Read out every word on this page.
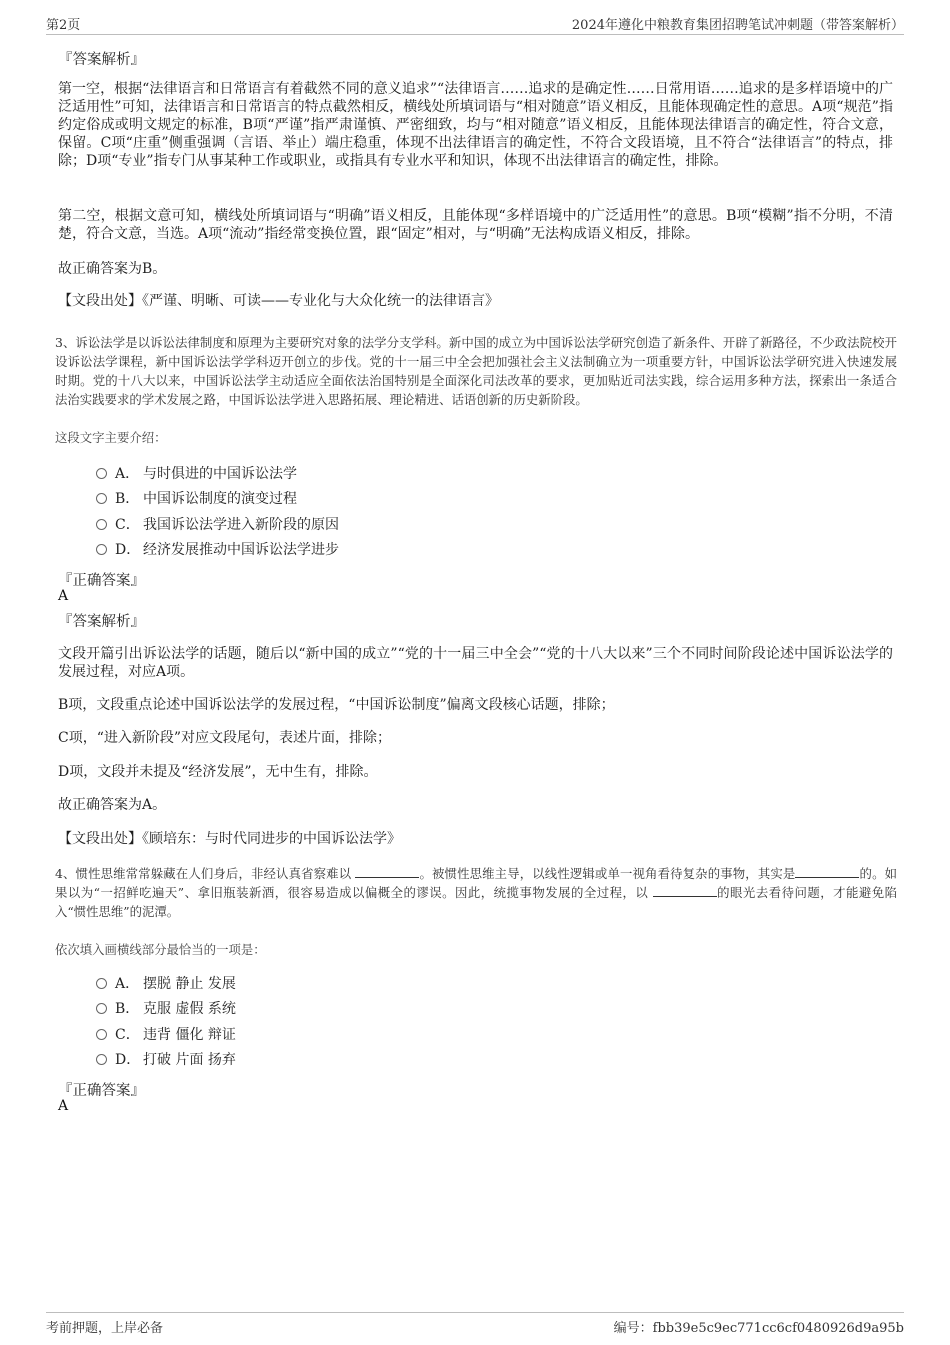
第2页	2024年遵化中粮教育集团招聘笔试冲刺题（带答案解析）
『答案解析』
第一空，根据“法律语言和日常语言有着截然不同的意义追求”“法律语言……追求的是确定性……日常用语……追求的是多样语境中的广泛适用性”可知，法律语言和日常语言的特点截然相反，横线处所填词语与“相对随意”语义相反，且能体现确定性的意思。A项“规范”指约定俗成或明文规定的标准，B项“严谨”指严肃谨慎、严密细致，均与“相对随意”语义相反，且能体现法律语言的确定性，符合文意，保留。C项“庄重”侧重强调（言语、举止）端庄稳重，体现不出法律语言的确定性，不符合文段语境，且不符合“法律语言”的特点，排除；D项“专业”指专门从事某种工作或职业，或指具有专业水平和知识，体现不出法律语言的确定性，排除。
第二空，根据文意可知，横线处所填词语与“明确”语义相反，且能体现“多样语境中的广泛适用性”的意思。B项“模糊”指不分明，不清楚，符合文意，当选。A项“流动”指经常变换位置，跟“固定”相对，与“明确”无法构成语义相反，排除。
故正确答案为B。
【文段出处】《严谨、明晰、可读——专业化与大众化统一的法律语言》
3、诉讼法学是以诉讼法律制度和原理为主要研究对象的法学分支学科。新中国的成立为中国诉讼法学研究创造了新条件、开辟了新路径，不少政法院校开设诉讼法学课程，新中国诉讼法学学科迈开创立的步伐。党的十一届三中全会把加强社会主义法制确立为一项重要方针，中国诉讼法学研究进入快速发展时期。党的十八大以来，中国诉讼法学主动适应全面依法治国特别是全面深化司法改革的要求，更加贴近司法实践，综合运用多种方法，探索出一条适合法治实践要求的学术发展之路，中国诉讼法学进入思路拓展、理论精进、话语创新的历史新阶段。
这段文字主要介绍：
A． 与时俱进的中国诉讼法学
B． 中国诉讼制度的演变过程
C． 我国诉讼法学进入新阶段的原因
D． 经济发展推动中国诉讼法学进步
『正确答案』
A
『答案解析』
文段开篇引出诉讼法学的话题，随后以“新中国的成立”“党的十一届三中全会”“党的十八大以来”三个不同时间阶段论述中国诉讼法学的发展过程，对应A项。
B项，文段重点论述中国诉讼法学的发展过程，“中国诉讼制度”偏离文段核心话题，排除；
C项，“进入新阶段”对应文段尾句，表述片面，排除；
D项，文段并未提及“经济发展”，无中生有，排除。
故正确答案为A。
【文段出处】《顾培东：与时代同进步的中国诉讼法学》
4、惯性思维常常躲藏在人们身后，非经认真省察难以	。被惯性思维主导，以线性逻辑或单一视角看待复杂的事物，其实是	的。如果以为“一招鲜吃遍天”、拿旧瓶装新酒，很容易造成以偏概全的谬误。因此，统揽事物发展的全过程，以	的眼光去看待问题，才能避免陷入“惯性思维”的泥潭。
依次填入画横线部分最恰当的一项是：
A． 摆脱 静止 发展
B． 克服 虚假 系统
C． 违背 僵化 辩证
D． 打破 片面 扬弃
『正确答案』
A
考前押题，上岸必备	编号：fbb39e5c9ec771cc6cf0480926d9a95b
